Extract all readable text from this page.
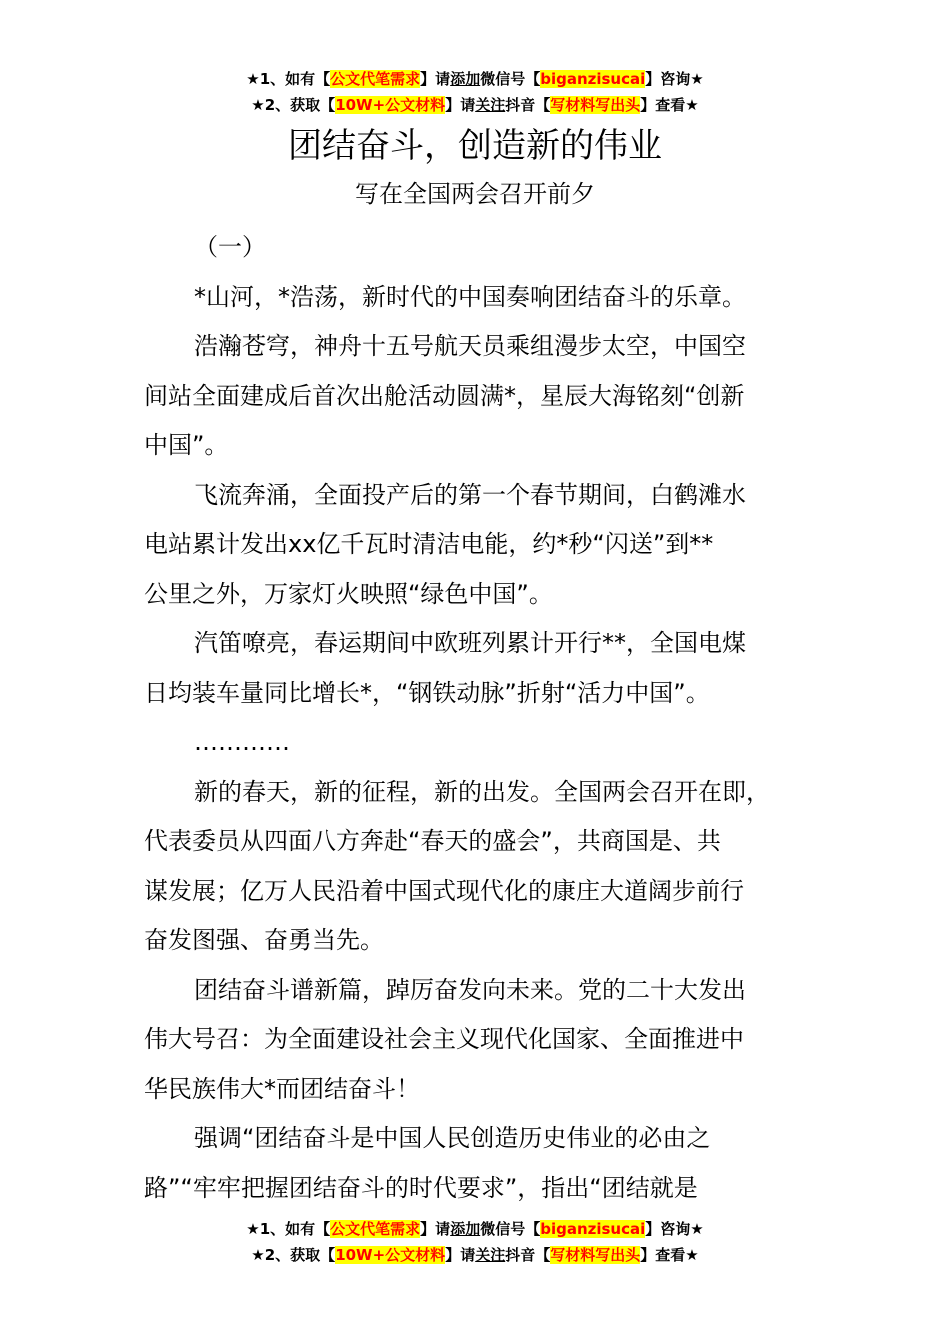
★1、如有【公文代笔需求】请添加微信号【biganzisucai】咨询★
★2、获取【10W+公文材料】请关注抖音【写材料写出头】查看★
团结奋斗，创造新的伟业
写在全国两会召开前夕

（一）

*山河，*浩荡，新时代的中国奏响团结奋斗的乐章。

浩瀚苍穹，神舟十五号航天员乘组漫步太空，中国空
间站全面建成后首次出舱活动圆满*，星辰大海铭刻“创新
中国”。

飞流奔涌，全面投产后的第一个春节期间，白鹤滩水
电站累计发出xx亿千瓦时清洁电能，约*秒“闪送”到**
公里之外，万家灯火映照“绿色中国”。

汽笛嘹亮，春运期间中欧班列累计开行**，全国电煤
日均装车量同比增长*，“钢铁动脉”折射“活力中国”。

…………

新的春天，新的征程，新的出发。全国两会召开在即，
代表委员从四面八方奔赴“春天的盛会”，共商国是、共
谋发展；亿万人民沿着中国式现代化的康庄大道阔步前行
奋发图强、奋勇当先。

团结奋斗谱新篇，踔厉奋发向未来。党的二十大发出
伟大号召：为全面建设社会主义现代化国家、全面推进中
华民族伟大*而团结奋斗！

强调“团结奋斗是中国人民创造历史伟业的必由之
路”“牢牢把握团结奋斗的时代要求”，指出“团结就是

★1、如有【公文代笔需求】请添加微信号【biganzisucai】咨询★
★2、获取【10W+公文材料】请关注抖音【写材料写出头】查看★
